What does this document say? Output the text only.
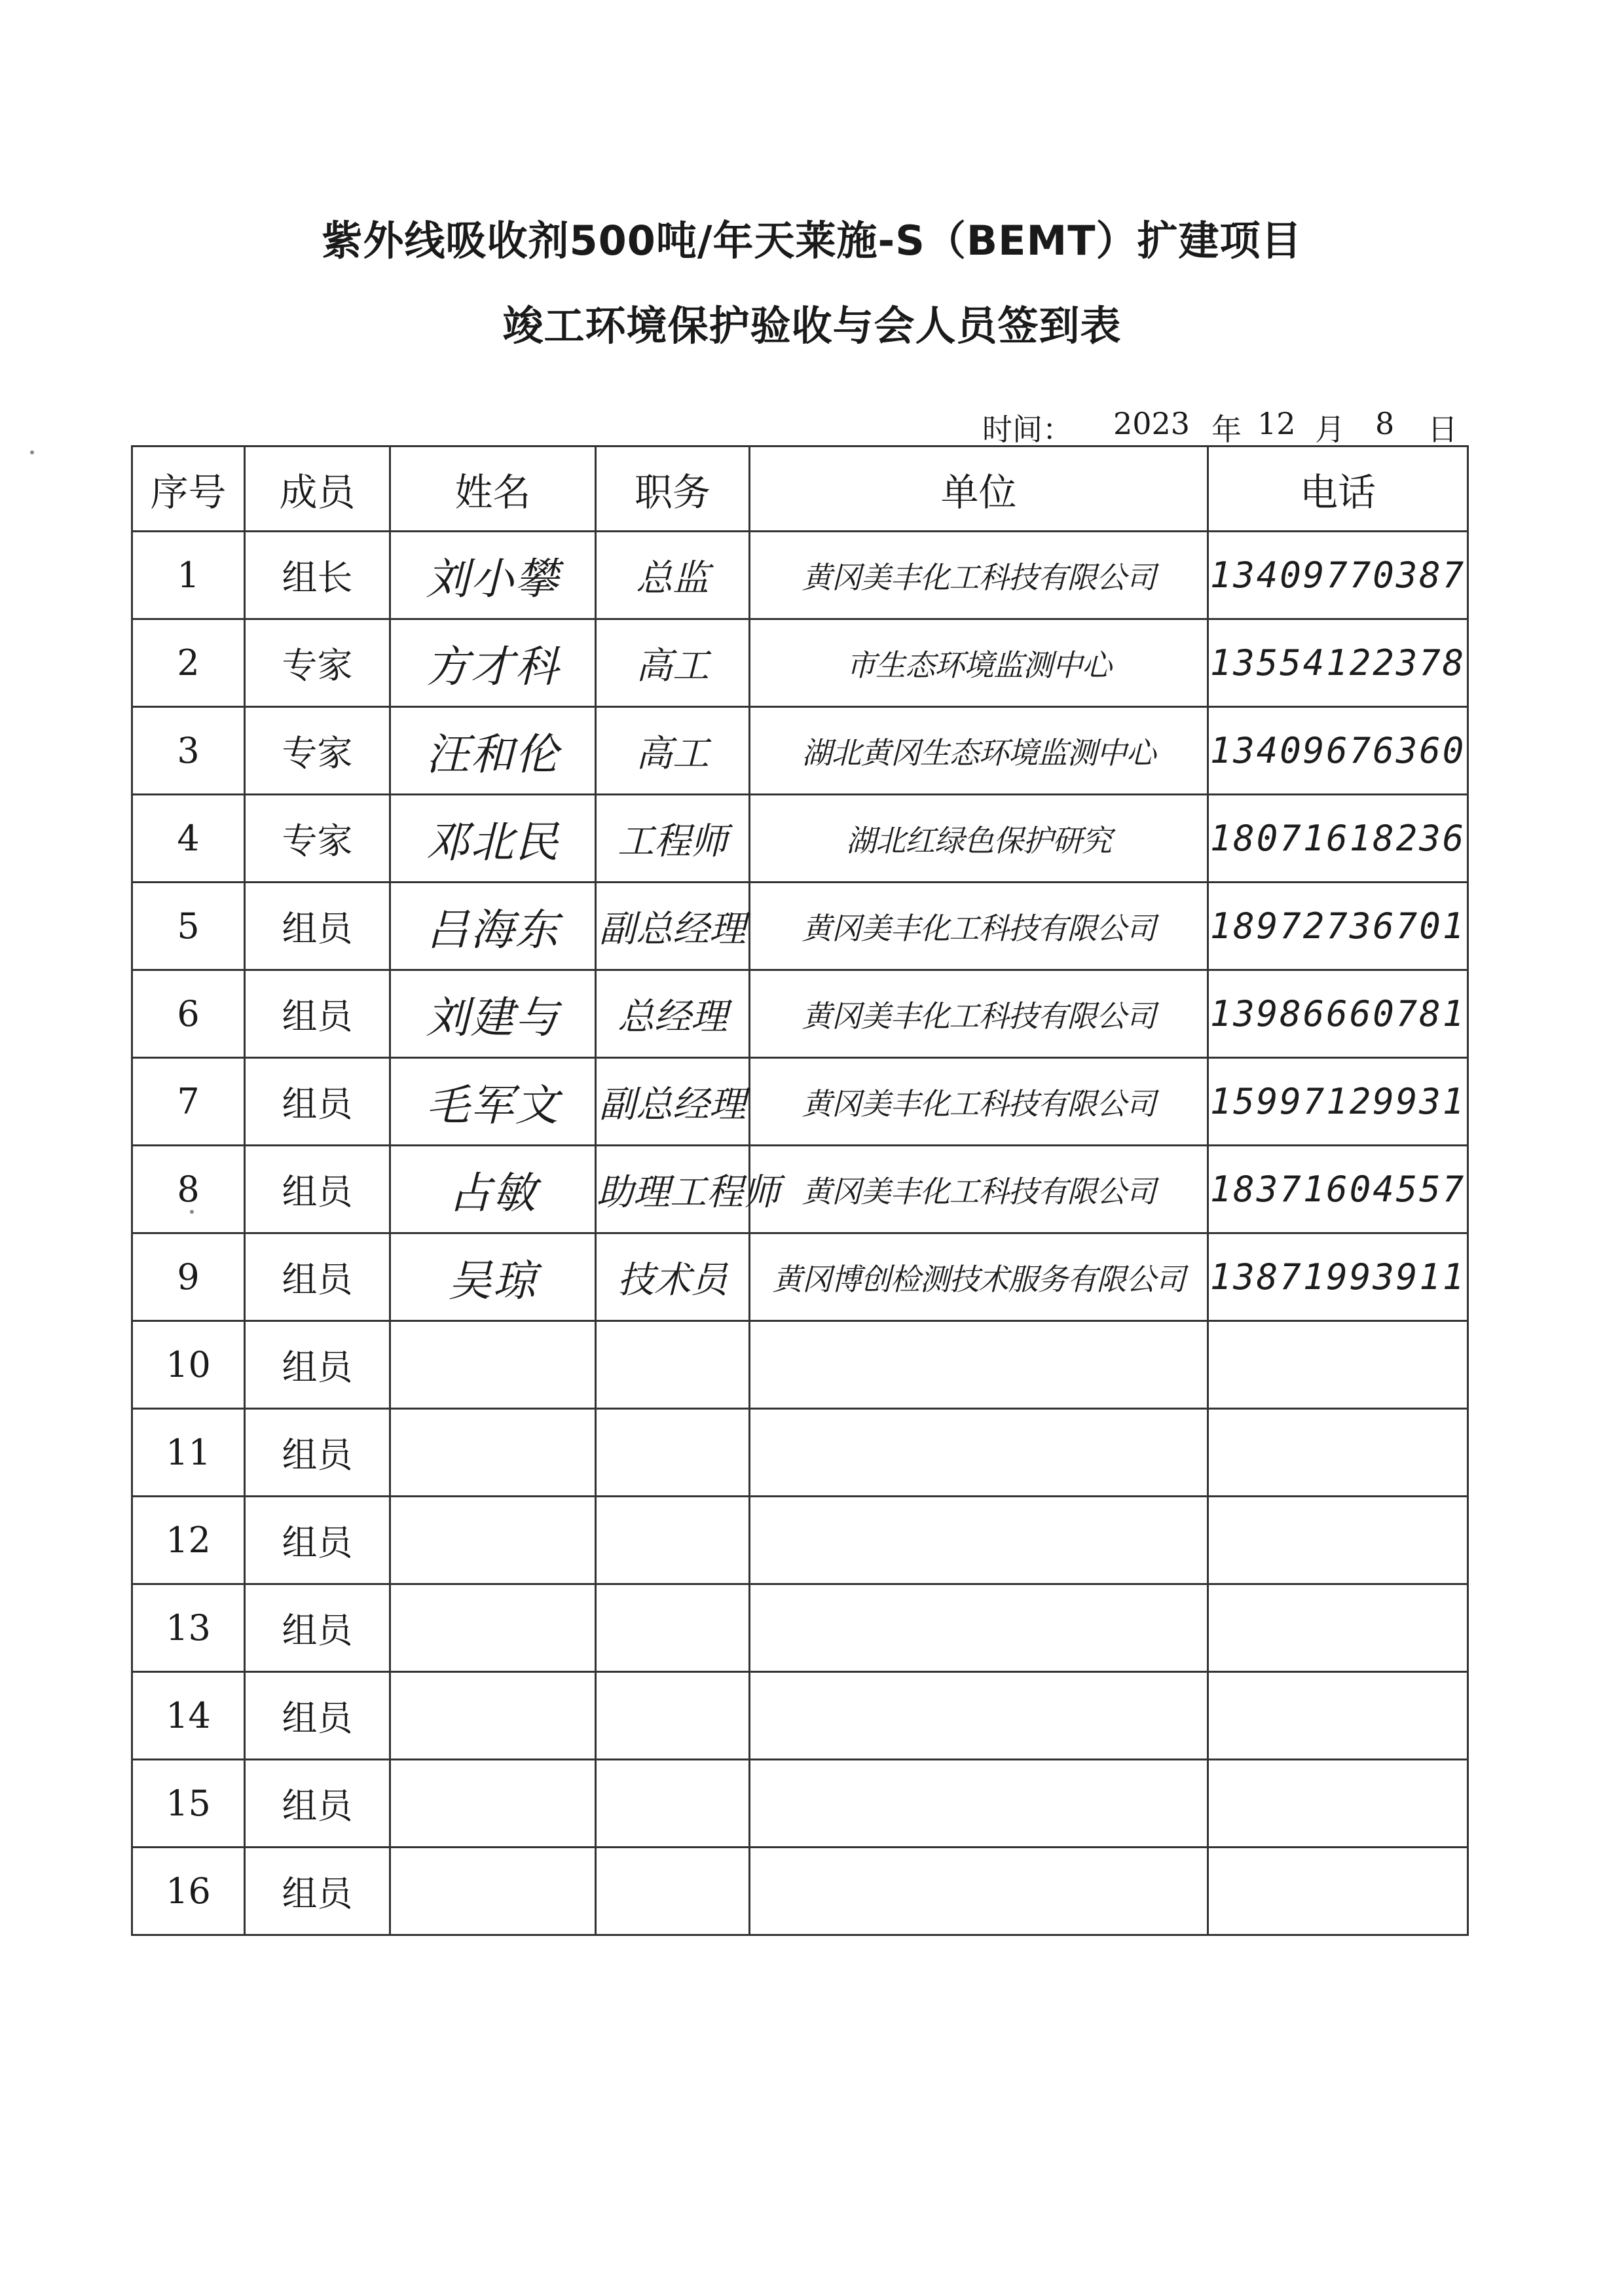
紫外线吸收剂500吨/年天莱施-S（BEMT）扩建项目
竣工环境保护验收与会人员签到表
时间： 2023 年 12 月 8 日
序号	成员	姓名	职务	单位	电话
1	组长	刘小攀	总监	黄冈美丰化工科技有限公司	13409770387
2	专家	方才科	高工	市生态环境监测中心	13554122378
3	专家	汪和伦	高工	湖北黄冈生态环境监测中心	13409676360
4	专家	邓北民	工程师	湖北红绿色保护研究	18071618236
5	组员	吕海东	副总经理	黄冈美丰化工科技有限公司	18972736701
6	组员	刘建与	总经理	黄冈美丰化工科技有限公司	13986660781
7	组员	毛军文	副总经理	黄冈美丰化工科技有限公司	15997129931
8	组员	占敏	助理工程师	黄冈美丰化工科技有限公司	18371604557
9	组员	吴琼	技术员	黄冈博创检测技术服务有限公司	13871993911
10	组员				
11	组员				
12	组员				
13	组员				
14	组员				
15	组员				
16	组员				
